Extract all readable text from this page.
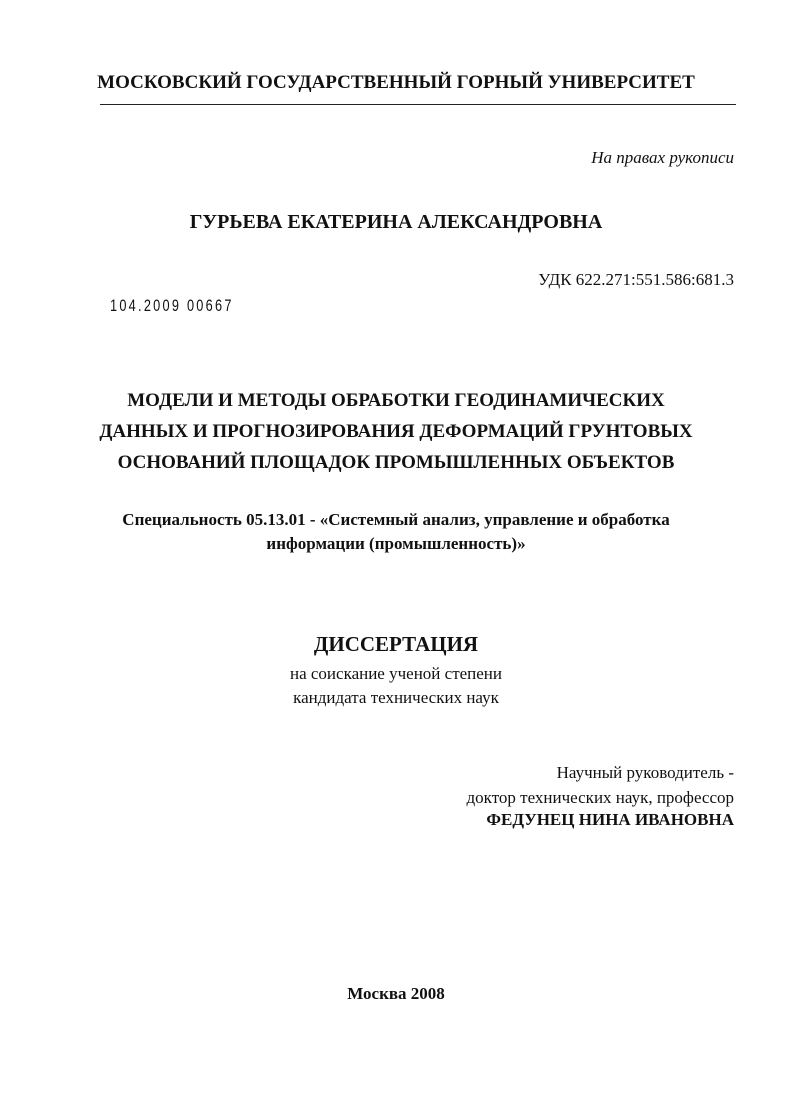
МОСКОВСКИЙ ГОСУДАРСТВЕННЫЙ ГОРНЫЙ УНИВЕРСИТЕТ
На правах рукописи
ГУРЬЕВА ЕКАТЕРИНА АЛЕКСАНДРОВНА
УДК 622.271:551.586:681.3
104.2009 00667
МОДЕЛИ И МЕТОДЫ ОБРАБОТКИ ГЕОДИНАМИЧЕСКИХ
ДАННЫХ И ПРОГНОЗИРОВАНИЯ ДЕФОРМАЦИЙ ГРУНТОВЫХ
ОСНОВАНИЙ ПЛОЩАДОК ПРОМЫШЛЕННЫХ ОБЪЕКТОВ
Специальность 05.13.01 - «Системный анализ, управление и обработка
информации (промышленность)»
ДИССЕРТАЦИЯ
на соискание ученой степени
кандидата технических наук
Научный руководитель -
доктор технических наук, профессор
ФЕДУНЕЦ НИНА ИВАНОВНА
Москва 2008
